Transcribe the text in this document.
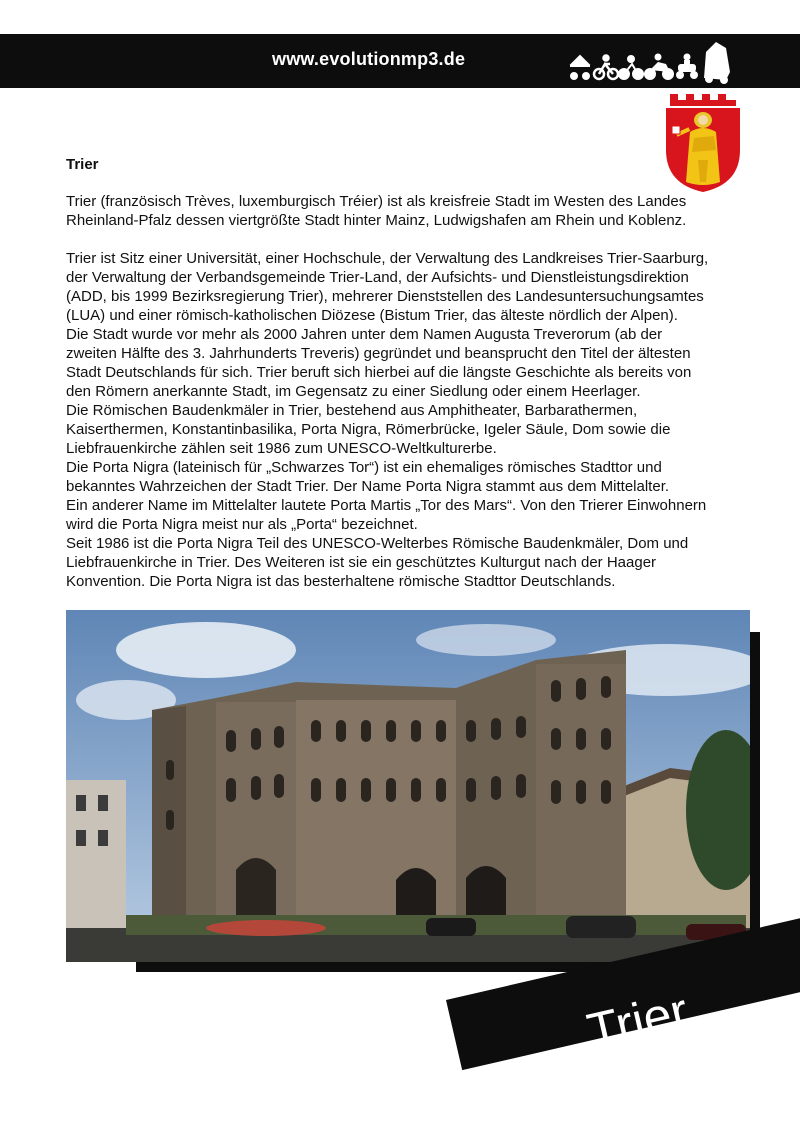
www.evolutionmp3.de
Trier
Trier (französisch Trèves, luxemburgisch Tréier) ist als kreisfreie Stadt im Westen des Landes
Rheinland-Pfalz dessen viertgrößte Stadt hinter Mainz, Ludwigshafen am Rhein und Koblenz.

Trier ist Sitz einer Universität, einer Hochschule, der Verwaltung des Landkreises Trier-Saarburg,
der Verwaltung der Verbandsgemeinde Trier-Land, der Aufsichts- und Dienstleistungsdirektion
(ADD, bis 1999 Bezirksregierung Trier), mehrerer Dienststellen des Landesuntersuchungsamtes
(LUA) und einer römisch-katholischen Diözese (Bistum Trier, das älteste nördlich der Alpen).
Die Stadt wurde vor mehr als 2000 Jahren unter dem Namen Augusta Treverorum (ab der
zweiten Hälfte des 3. Jahrhunderts Treveris) gegründet und beansprucht den Titel der ältesten
Stadt Deutschlands für sich. Trier beruft sich hierbei auf die längste Geschichte als bereits von
den Römern anerkannte Stadt, im Gegensatz zu einer Siedlung oder einem Heerlager.
Die Römischen Baudenkmäler in Trier, bestehend aus Amphitheater, Barbarathermen,
Kaiserthermen, Konstantinbasilika, Porta Nigra, Römerbrücke, Igeler Säule, Dom sowie die
Liebfrauenkirche zählen seit 1986 zum UNESCO-Weltkulturerbe.
Die Porta Nigra (lateinisch für „Schwarzes Tor“) ist ein ehemaliges römisches Stadttor und
bekanntes Wahrzeichen der Stadt Trier. Der Name Porta Nigra stammt aus dem Mittelalter.
Ein anderer Name im Mittelalter lautete Porta Martis „Tor des Mars“. Von den Trierer Einwohnern
wird die Porta Nigra meist nur als „Porta“ bezeichnet.
Seit 1986 ist die Porta Nigra Teil des UNESCO-Welterbes Römische Baudenkmäler, Dom und
Liebfrauenkirche in Trier. Des Weiteren ist sie ein geschütztes Kulturgut nach der Haager
Konvention. Die Porta Nigra ist das besterhaltene römische Stadttor Deutschlands.
Trier
